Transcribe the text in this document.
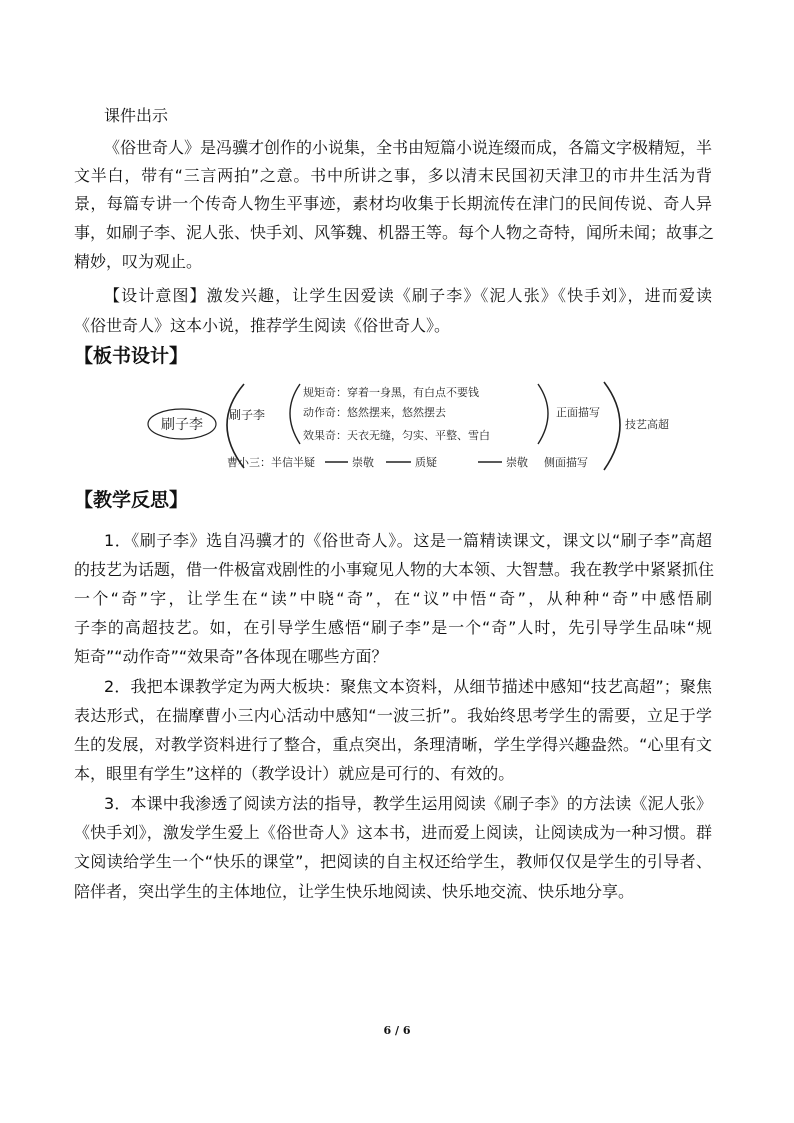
课件出示
《俗世奇人》是冯骥才创作的小说集，全书由短篇小说连缀而成，各篇文字极精短，半
文半白，带有“三言两拍”之意。书中所讲之事，多以清末民国初天津卫的市井生活为背
景，每篇专讲一个传奇人物生平事迹，素材均收集于长期流传在津门的民间传说、奇人异
事，如刷子李、泥人张、快手刘、风筝魏、机器王等。每个人物之奇特，闻所未闻；故事之
精妙，叹为观止。
【设计意图】激发兴趣，让学生因爱读《刷子李》《泥人张》《快手刘》，进而爱读
《俗世奇人》这本小说，推荐学生阅读《俗世奇人》。
【板书设计】
刷子李
刷子李
规矩奇：穿着一身黑，有白点不要钱
动作奇：悠然摆来，悠然摆去
效果奇：天衣无缝，匀实、平整、雪白
正面描写
技艺高超
曹小三：半信半疑	崇敬	质疑	崇敬 侧面描写
【教学反思】
1．《刷子李》选自冯骥才的《俗世奇人》。这是一篇精读课文，课文以“刷子李”高超
的技艺为话题，借一件极富戏剧性的小事窥见人物的大本领、大智慧。我在教学中紧紧抓住
一个“奇”字，让学生在“读”中晓“奇”，在“议”中悟“奇”，从种种“奇”中感悟刷
子李的高超技艺。如，在引导学生感悟“刷子李”是一个“奇”人时，先引导学生品味“规
矩奇”“动作奇”“效果奇”各体现在哪些方面？
2．我把本课教学定为两大板块：聚焦文本资料，从细节描述中感知“技艺高超”；聚焦
表达形式，在揣摩曹小三内心活动中感知“一波三折”。我始终思考学生的需要，立足于学
生的发展，对教学资料进行了整合，重点突出，条理清晰，学生学得兴趣盎然。“心里有文
本，眼里有学生”这样的（教学设计）就应是可行的、有效的。
3．本课中我渗透了阅读方法的指导，教学生运用阅读《刷子李》的方法读《泥人张》
《快手刘》，激发学生爱上《俗世奇人》这本书，进而爱上阅读，让阅读成为一种习惯。群
文阅读给学生一个“快乐的课堂”，把阅读的自主权还给学生，教师仅仅是学生的引导者、
陪伴者，突出学生的主体地位，让学生快乐地阅读、快乐地交流、快乐地分享。
6 / 6
